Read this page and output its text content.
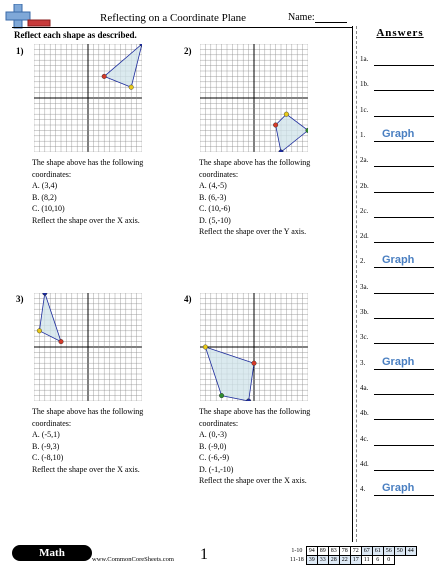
Reflecting on a Coordinate Plane	Name:
Reflect each shape as described.
1)
The shape above has the following
coordinates:
A. (3,4)
B. (8,2)
C. (10,10)
Reflect the shape over the X axis.
2)
The shape above has the following
coordinates:
A. (4,-5)
B. (6,-3)
C. (10,-6)
D. (5,-10)
Reflect the shape over the Y axis.
3)
The shape above has the following
coordinates:
A. (-5,1)
B. (-9,3)
C. (-8,10)
Reflect the shape over the X axis.
4)
The shape above has the following
coordinates:
A. (0,-3)
B. (-9,0)
C. (-6,-9)
D. (-1,-10)
Reflect the shape over the X axis.
Answers
1a.
1b.
1c.
1. Graph
2a.
2b.
2c.
2d.
2. Graph
3a.
3b.
3c.
3. Graph
4a.
4b.
4c.
4d.
4. Graph
Math
www.CommonCoreSheets.com 1	1-10	94	89	83	78	72	67	61	56	50	44
11-18	39	33	28	22	17	11	6	0		
